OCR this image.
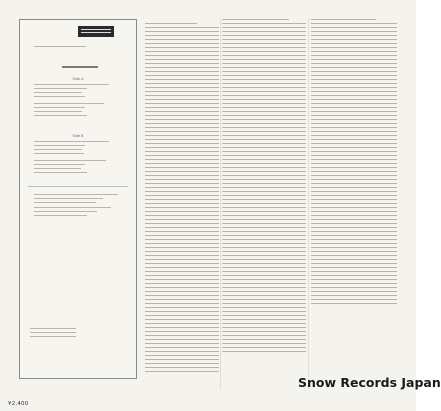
Side A
Side B

Snow Records Japan
¥2,400
